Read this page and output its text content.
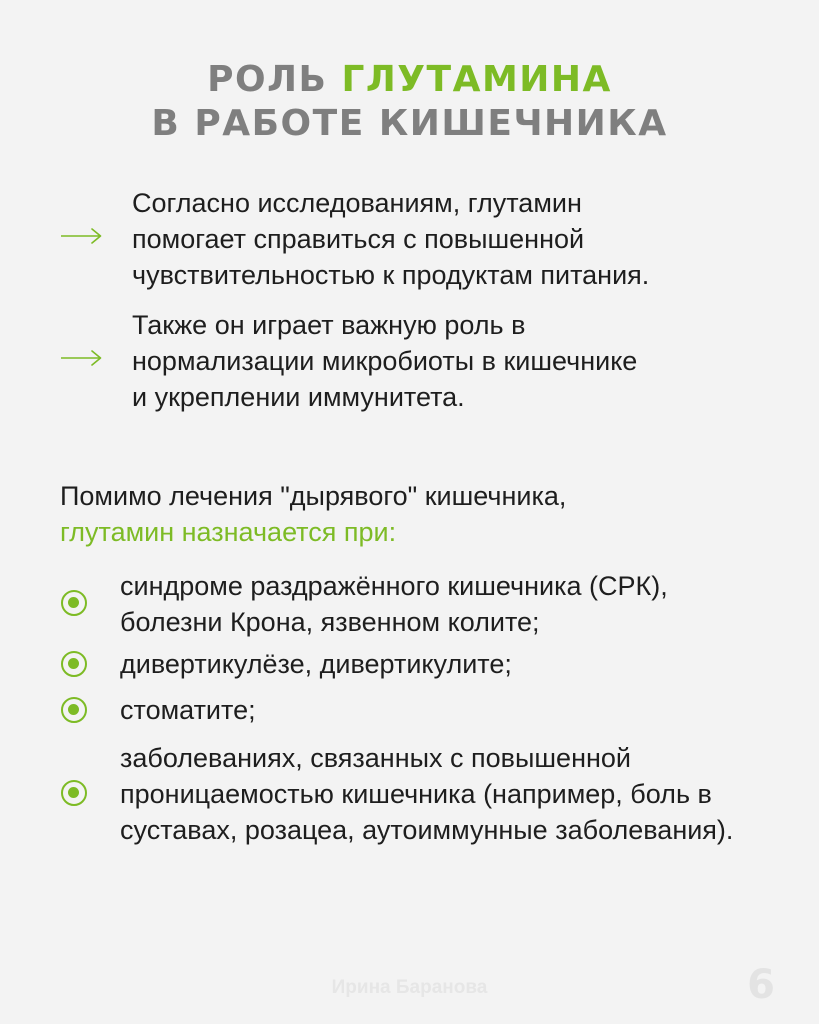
РОЛЬ ГЛУТАМИНА
В РАБОТЕ КИШЕЧНИКА
Согласно исследованиям, глутамин
помогает справиться с повышенной
чувствительностью к продуктам питания.
Также он играет важную роль в
нормализации микробиоты в кишечнике
и укреплении иммунитета.
Помимо лечения "дырявого" кишечника,
глутамин назначается при:
синдроме раздражённого кишечника (СРК),
болезни Крона, язвенном колите;
дивертикулёзе, дивертикулите;
стоматите;
заболеваниях, связанных с повышенной
проницаемостью кишечника (например, боль в
суставах, розацеа, аутоиммунные заболевания).
Ирина Баранова	6
